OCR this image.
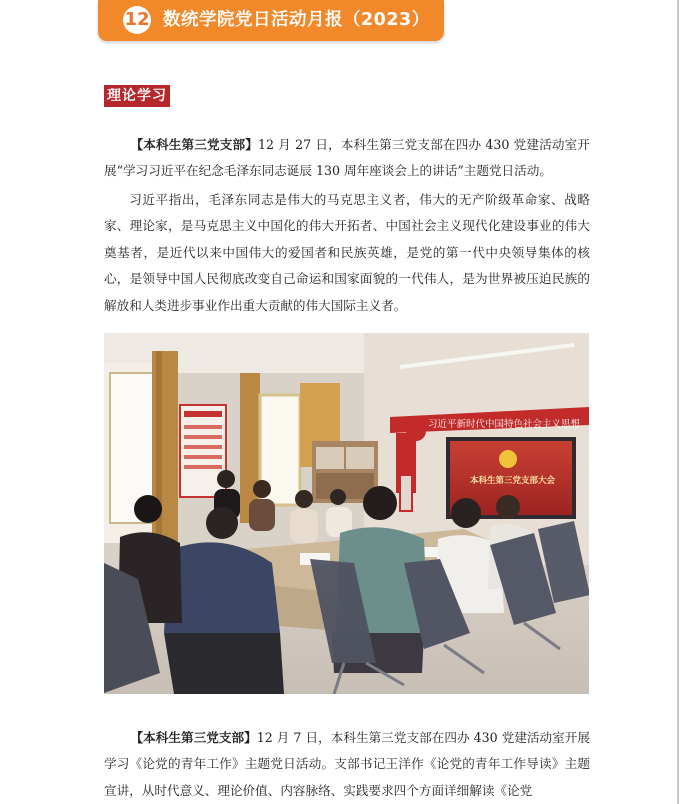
12 数统学院党日活动月报（2023）
理论学习

【本科生第三党支部】12 月 27 日，本科生第三党支部在四办 430 党建活动室开展“学习习近平在纪念毛泽东同志诞辰 130 周年座谈会上的讲话”主题党日活动。

习近平指出，毛泽东同志是伟大的马克思主义者，伟大的无产阶级革命家、战略家、理论家，是马克思主义中国化的伟大开拓者、中国社会主义现代化建设事业的伟大奠基者，是近代以来中国伟大的爱国者和民族英雄，是党的第一代中央领导集体的核心，是领导中国人民彻底改变自己命运和国家面貌的一代伟人，是为世界被压迫民族的解放和人类进步事业作出重大贡献的伟大国际主义者。

习近平新时代中国特色社会主义思想
本科生第三党支部大会

【本科生第三党支部】12 月 7 日，本科生第三党支部在四办 430 党建活动室开展学习《论党的青年工作》主题党日活动。支部书记王洋作《论党的青年工作导读》主题宣讲，从时代意义、理论价值、内容脉络、实践要求四个方面详细解读《论党
